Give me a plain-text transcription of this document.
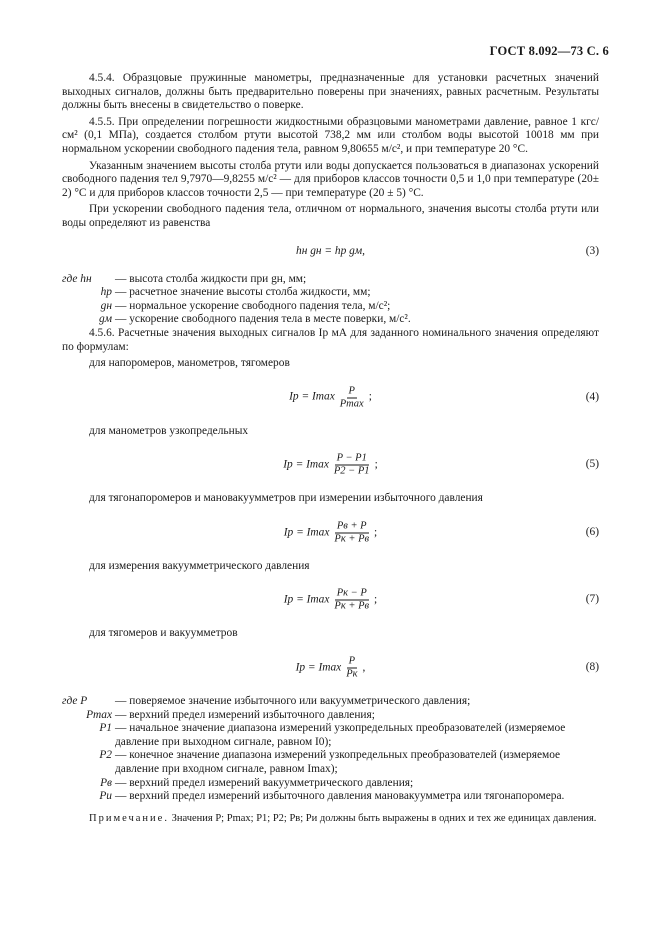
ГОСТ 8.092—73 С. 6

4.5.4. Образцовые пружинные манометры, предназначенные для установки расчетных значений выходных сигналов, должны быть предварительно поверены при значениях, равных расчетным. Результаты должны быть внесены в свидетельство о поверке.

4.5.5. При определении погрешности жидкостными образцовыми манометрами давление, равное 1 кгс/см² (0,1 МПа), создается столбом ртути высотой 738,2 мм или столбом воды высотой 10018 мм при нормальном ускорении свободного падения тела, равном 9,80655 м/с², и при температуре 20 °С.

Указанным значением высоты столба ртути или воды допускается пользоваться в диапазонах ускорений свободного падения тел 9,7970—9,8255 м/с² — для приборов классов точности 0,5 и 1,0 при температуре (20± 2) °С и для приборов классов точности 2,5 — при температуре (20 ± 5) °С.

При ускорении свободного падения тела, отличном от нормального, значения высоты столба ртути или воды определяют из равенства

hн gн = hр gм,	(3)
где hн	— высота столба жидкости при gн, мм;
hр — расчетное значение высоты столба жидкости, мм;
gн — нормальное ускорение свободного падения тела, м/с²;
gм — ускорение свободного падения тела в месте поверки, м/с².

4.5.6. Расчетные значения выходных сигналов Iр мА для заданного номинального значения определяют по формулам:

для напоромеров, манометров, тягомеров

Iр = Imax $\frac{P}{Pmax}$ ;	(4)

для манометров узкопредельных

Iр = Imax $\frac{P - P1}{P2 - P1}$ ;	(5)

для тягонапоромеров и мановакуумметров при измерении избыточного давления

Iр = Imax $\frac{Pв + P}{Pк + Pв}$ ;	(6)

для измерения вакуумметрического давления

Iр = Imax $\frac{Pк - P}{Pк + Pв}$ ;	(7)

для тягомеров и вакуумметров

Iр = Imax $\frac{P}{Pк}$ ,	(8)
где P	— поверяемое значение избыточного или вакуумметрического давления;
Pmax — верхний предел измерений избыточного давления;
P1 — начальное значение диапазона измерений узкопредельных преобразователей (измеряемое давление при выходном сигнале, равном I0);
P2 — конечное значение диапазона измерений узкопредельных преобразователей (измеряемое давление при входном сигнале, равном Imax);
Pв — верхний предел измерений вакуумметрического давления;
Pи — верхний предел измерений избыточного давления мановакуумметра или тягонапоромера.

Примечание. Значения P; Pmax; P1; P2; Pв; Pи должны быть выражены в одних и тех же единицах давления.
